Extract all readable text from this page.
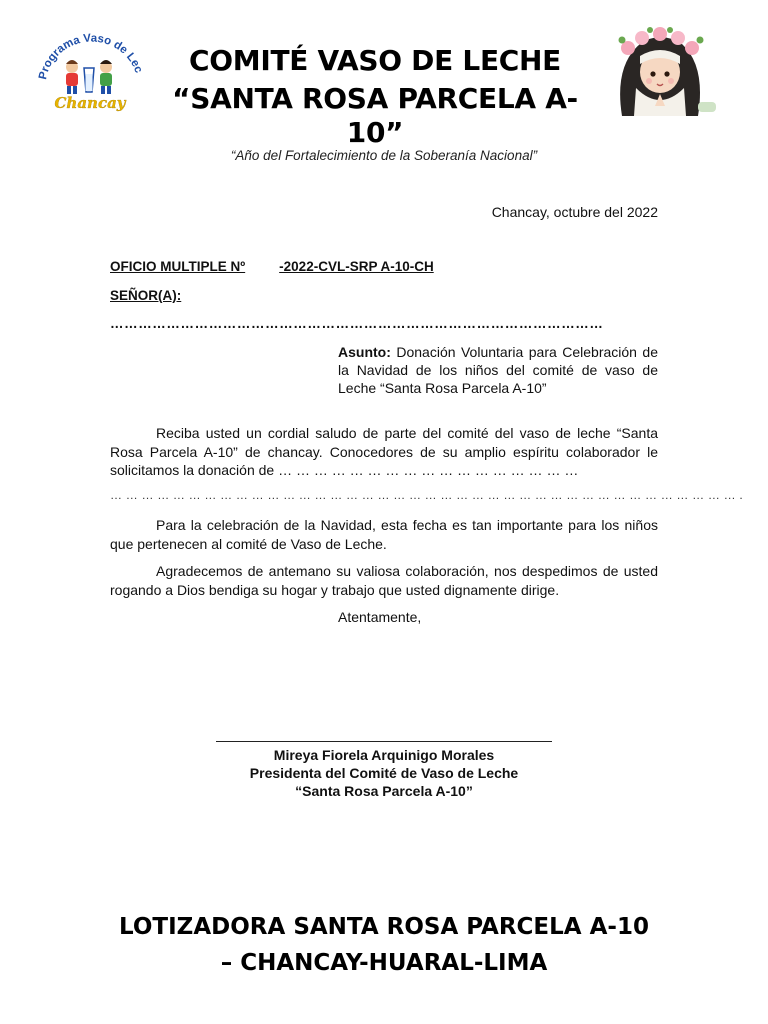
Programa Vaso de Lec
Chancay
COMITÉ VASO DE LECHE
“SANTA ROSA PARCELA A-10”
“Año del Fortalecimiento de la Soberanía Nacional”
Chancay, octubre del 2022
OFICIO MULTIPLE Nº	-2022-CVL-SRP A-10-CH
SEÑOR(A):
……………………………………………………………………………………………
Asunto: Donación Voluntaria para Celebración de la Navidad de los niños del comité de vaso de Leche “Santa Rosa Parcela A-10”
Reciba usted un cordial saludo de parte del comité del vaso de leche “Santa Rosa Parcela A-10” de chancay. Conocedores de su amplio espíritu colaborador le solicitamos la donación de … … … … … … … … … … … … … … … … …
… … … … … … … … … … … … … … … … … … … … … … … … … … … … … … … … … … … … … … … … .
Para la celebración de la Navidad, esta fecha es tan importante para los niños que pertenecen al comité de Vaso de Leche.
Agradecemos de antemano su valiosa colaboración, nos despedimos de usted rogando a Dios bendiga su hogar y trabajo que usted dignamente dirige.
Atentamente,
Mireya Fiorela Arquinigo Morales
Presidenta del Comité de Vaso de Leche
“Santa Rosa Parcela A-10”
LOTIZADORA SANTA ROSA PARCELA A-10
– CHANCAY-HUARAL-LIMA
